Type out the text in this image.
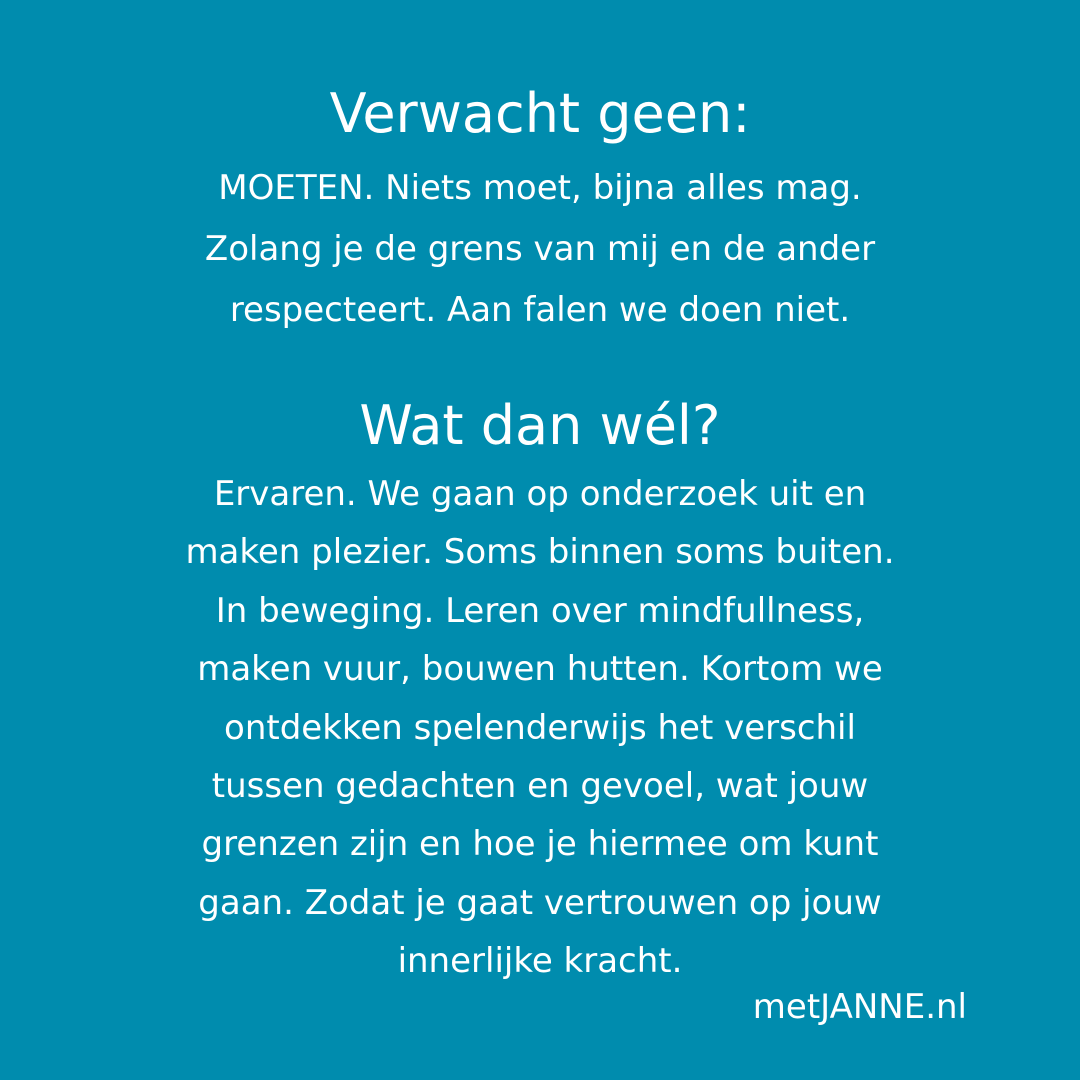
Verwacht geen:

MOETEN. Niets moet, bijna alles mag.
Zolang je de grens van mij en de ander
respecteert. Aan falen we doen niet.

Wat dan wél?

Ervaren. We gaan op onderzoek uit en
maken plezier. Soms binnen soms buiten.
In beweging. Leren over mindfullness,
maken vuur, bouwen hutten. Kortom we
ontdekken spelenderwijs het verschil
tussen gedachten en gevoel, wat jouw
grenzen zijn en hoe je hiermee om kunt
gaan. Zodat je gaat vertrouwen op jouw
innerlijke kracht.

metJANNE.nl
